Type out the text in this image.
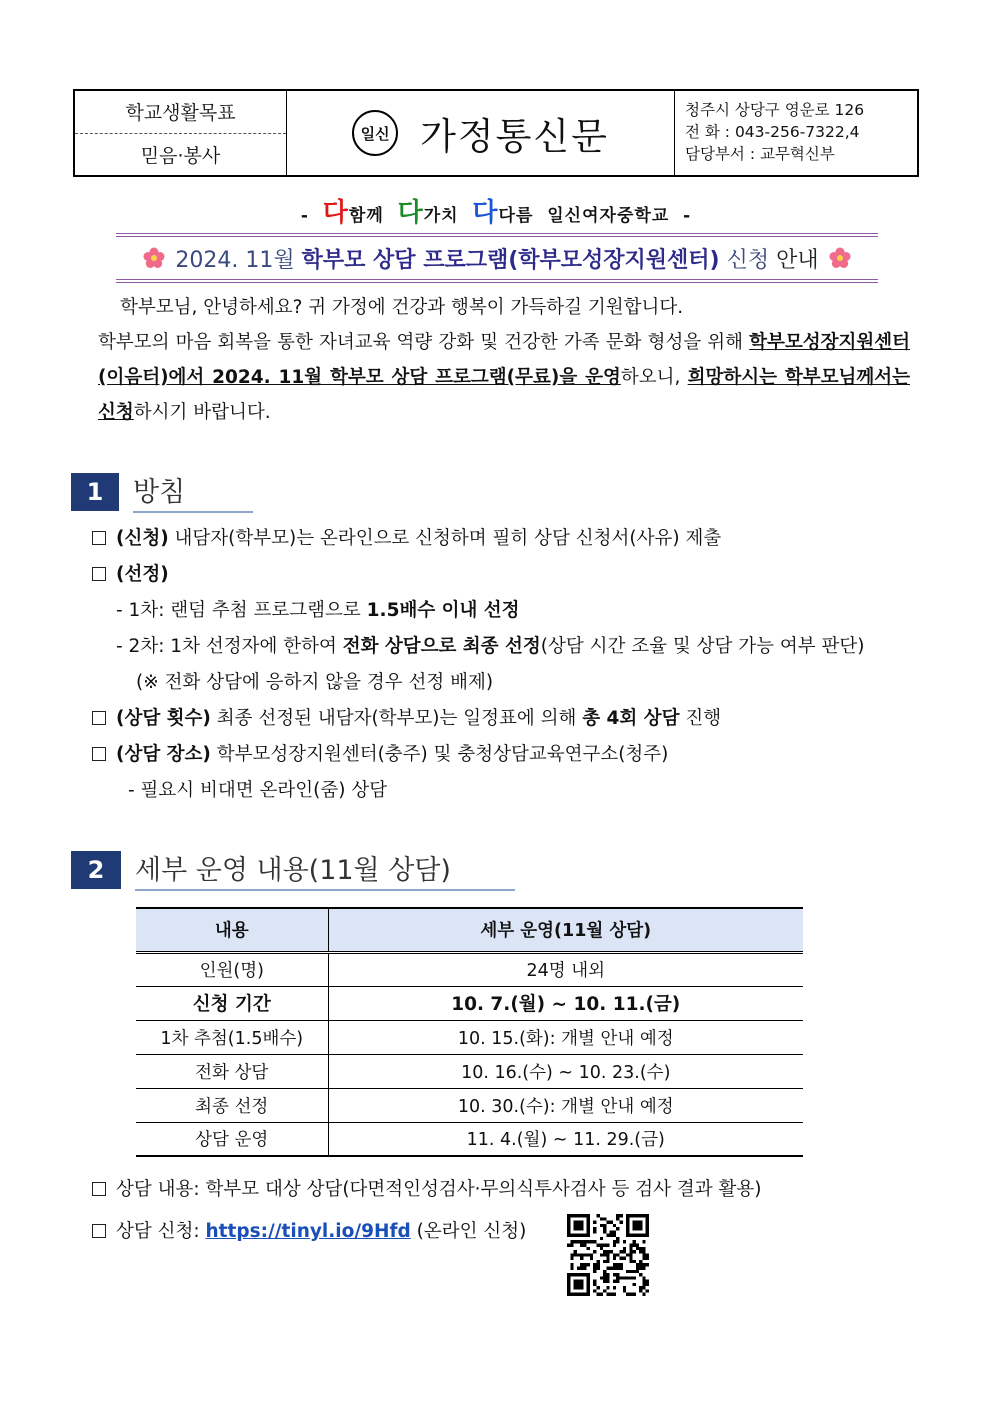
학교생활목표
믿음·봉사
일신 가정통신문
청주시 상당구 영운로 126
전 화 : 043-256-7322,4
담당부서 : 교무혁신부
- 다함께 다가치 다다름 일신여자중학교 -
2024. 11월
학부모 상담 프로그램(학부모성장지원센터)
신청
안내

학부모님, 안녕하세요? 귀 가정에 건강과 행복이 가득하길 기원합니다.

학부모의 마음 회복을 통한 자녀교육 역량 강화 및 건강한 가족 문화 형성을 위해 학부모성장지원센터(이음터)에서 2024. 11월 학부모 상담 프로그램(무료)을 운영하오니, 희망하시는 학부모님께서는 신청하시기 바랍니다.

1	방침
(신청) 내담자(학부모)는 온라인으로 신청하며 필히 상담 신청서(사유) 제출
(선정)
- 1차: 랜덤 추첨 프로그램으로 1.5배수 이내 선정
- 2차: 1차 선정자에 한하여 전화 상담으로 최종 선정(상담 시간 조율 및 상담 가능 여부 판단)
(※ 전화 상담에 응하지 않을 경우 선정 배제)
(상담 횟수) 최종 선정된 내담자(학부모)는 일정표에 의해 총 4회 상담 진행
(상담 장소) 학부모성장지원센터(충주) 및 충청상담교육연구소(청주)
- 필요시 비대면 온라인(줌) 상담
2	세부 운영 내용(11월 상담)
내용	세부 운영(11월 상담)
인원(명)	24명 내외
신청 기간	10. 7.(월) ~ 10. 11.(금)
1차 추첨(1.5배수)	10. 15.(화): 개별 안내 예정
전화 상담	10. 16.(수) ~ 10. 23.(수)
최종 선정	10. 30.(수): 개별 안내 예정
상담 운영	11. 4.(월) ~ 11. 29.(금)
상담 내용: 학부모 대상 상담(다면적인성검사·무의식투사검사 등 검사 결과 활용)
상담 신청: https://tinyl.io/9Hfd (온라인 신청)
